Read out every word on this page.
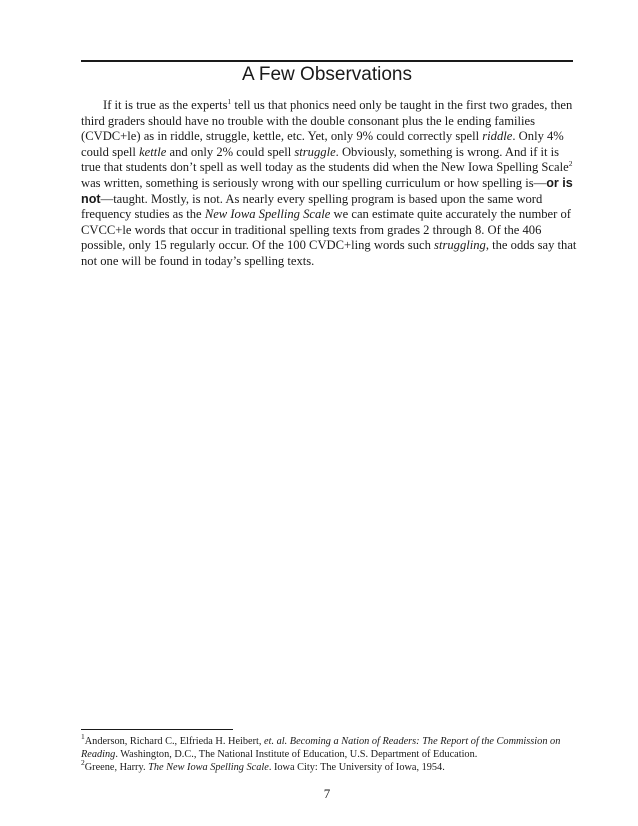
A Few Observations

If it is true as the experts$^1$ tell us that phonics need only be taught in the first two grades, then third graders should have no trouble with the double consonant plus the le ending families (CVDC+le) as in riddle, struggle, kettle, etc. Yet, only 9% could correctly spell riddle. Only 4% could spell kettle and only 2% could spell struggle. Obviously, something is wrong. And if it is true that students don’t spell as well today as the students did when the New Iowa Spelling Scale$^2$ was written, something is seriously wrong with our spelling curriculum or how spelling is—or is not—taught. Mostly, is not. As nearly every spelling program is based upon the same word frequency studies as the New Iowa Spelling Scale we can estimate quite accurately the number of CVCC+le words that occur in traditional spelling texts from grades 2 through 8. Of the 406 possible, only 15 regularly occur. Of the 100 CVDC+ling words such struggling, the odds say that not one will be found in today’s spelling texts.

$^1$Anderson, Richard C., Elfrieda H. Heibert, et. al. Becoming a Nation of Readers: The Report of the Commission on Reading. Washington, D.C., The National Institute of Education, U.S. Department of Education.

$^2$Greene, Harry. The New Iowa Spelling Scale. Iowa City: The University of Iowa, 1954.

7
